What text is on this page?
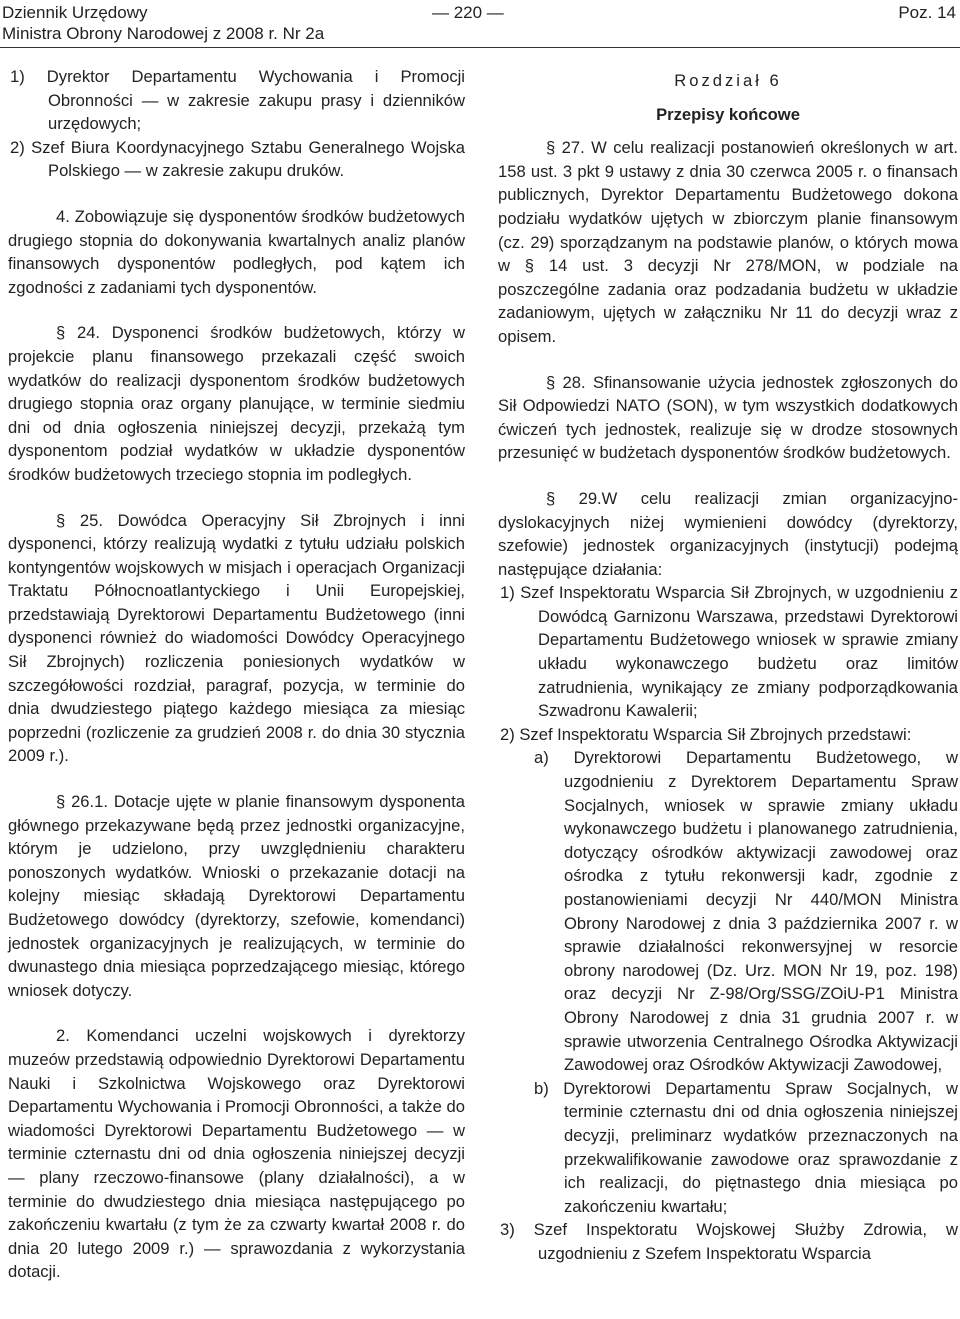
Dziennik Urzędowy
Ministra Obrony Narodowej z 2008 r. Nr 2a
— 220 —	Poz. 14

1) Dyrektor Departamentu Wychowania i Promocji Obronności — w zakresie zakupu prasy i dzienników urzędowych;

2) Szef Biura Koordynacyjnego Sztabu Generalnego Wojska Polskiego — w zakresie zakupu druków.

4. Zobowiązuje się dysponentów środków budżetowych drugiego stopnia do dokonywania kwartalnych analiz planów finansowych dysponentów podległych, pod kątem ich zgodności z zadaniami tych dysponentów.

§ 24. Dysponenci środków budżetowych, którzy w projekcie planu finansowego przekazali część swoich wydatków do realizacji dysponentom środków budżetowych drugiego stopnia oraz organy planujące, w terminie siedmiu dni od dnia ogłoszenia niniejszej decyzji, przekażą tym dysponentom podział wydatków w układzie dysponentów środków budżetowych trzeciego stopnia im podległych.

§ 25. Dowódca Operacyjny Sił Zbrojnych i inni dysponenci, którzy realizują wydatki z tytułu udziału polskich kontyngentów wojskowych w misjach i operacjach Organizacji Traktatu Północnoatlantyckiego i Unii Europejskiej, przedstawiają Dyrektorowi Departamentu Budżetowego (inni dysponenci również do wiadomości Dowódcy Operacyjnego Sił Zbrojnych) rozliczenia poniesionych wydatków w szczegółowości rozdział, paragraf, pozycja, w terminie do dnia dwudziestego piątego każdego miesiąca za miesiąc poprzedni (rozliczenie za grudzień 2008 r. do dnia 30 stycznia 2009 r.).

§ 26.1. Dotacje ujęte w planie finansowym dysponenta głównego przekazywane będą przez jednostki organizacyjne, którym je udzielono, przy uwzględnieniu charakteru ponoszonych wydatków. Wnioski o przekazanie dotacji na kolejny miesiąc składają Dyrektorowi Departamentu Budżetowego dowódcy (dyrektorzy, szefowie, komendanci) jednostek organizacyjnych je realizujących, w terminie do dwunastego dnia miesiąca poprzedzającego miesiąc, którego wniosek dotyczy.

2. Komendanci uczelni wojskowych i dyrektorzy muzeów przedstawią odpowiednio Dyrektorowi Departamentu Nauki i Szkolnictwa Wojskowego oraz Dyrektorowi Departamentu Wychowania i Promocji Obronności, a także do wiadomości Dyrektorowi Departamentu Budżetowego — w terminie czternastu dni od dnia ogłoszenia niniejszej decyzji — plany rzeczowo-finansowe (plany działalności), a w terminie do dwudziestego dnia miesiąca następującego po zakończeniu kwartału (z tym że za czwarty kwartał 2008 r. do dnia 20 lutego 2009 r.) — sprawozdania z wykorzystania dotacji.

Rozdział 6

Przepisy końcowe

§ 27. W celu realizacji postanowień określonych w art. 158 ust. 3 pkt 9 ustawy z dnia 30 czerwca 2005 r. o finansach publicznych, Dyrektor Departamentu Budżetowego dokona podziału wydatków ujętych w zbiorczym planie finansowym (cz. 29) sporządzanym na podstawie planów, o których mowa w § 14 ust. 3 decyzji Nr 278/MON, w podziale na poszczególne zadania oraz podzadania budżetu w układzie zadaniowym, ujętych w załączniku Nr 11 do decyzji wraz z opisem.

§ 28. Sfinansowanie użycia jednostek zgłoszonych do Sił Odpowiedzi NATO (SON), w tym wszystkich dodatkowych ćwiczeń tych jednostek, realizuje się w drodze stosownych przesunięć w budżetach dysponentów środków budżetowych.

§ 29.W celu realizacji zmian organizacyjno-dyslokacyjnych niżej wymienieni dowódcy (dyrektorzy, szefowie) jednostek organizacyjnych (instytucji) podejmą następujące działania:

1) Szef Inspektoratu Wsparcia Sił Zbrojnych, w uzgodnieniu z Dowódcą Garnizonu Warszawa, przedstawi Dyrektorowi Departamentu Budżetowego wniosek w sprawie zmiany układu wykonawczego budżetu oraz limitów zatrudnienia, wynikający ze zmiany podporządkowania Szwadronu Kawalerii;

2) Szef Inspektoratu Wsparcia Sił Zbrojnych przedstawi:

a) Dyrektorowi Departamentu Budżetowego, w uzgodnieniu z Dyrektorem Departamentu Spraw Socjalnych, wniosek w sprawie zmiany układu wykonawczego budżetu i planowanego zatrudnienia, dotyczący ośrodków aktywizacji zawodowej oraz ośrodka z tytułu rekonwersji kadr, zgodnie z postanowieniami decyzji Nr 440/MON Ministra Obrony Narodowej z dnia 3 października 2007 r. w sprawie działalności rekonwersyjnej w resorcie obrony narodowej (Dz. Urz. MON Nr 19, poz. 198) oraz decyzji Nr Z-98/Org/SSG/ZOiU-P1 Ministra Obrony Narodowej z dnia 31 grudnia 2007 r. w sprawie utworzenia Centralnego Ośrodka Aktywizacji Zawodowej oraz Ośrodków Aktywizacji Zawodowej,

b) Dyrektorowi Departamentu Spraw Socjalnych, w terminie czternastu dni od dnia ogłoszenia niniejszej decyzji, preliminarz wydatków przeznaczonych na przekwalifikowanie zawodowe oraz sprawozdanie z ich realizacji, do piętnastego dnia miesiąca po zakończeniu kwartału;

3) Szef Inspektoratu Wojskowej Służby Zdrowia, w uzgodnieniu z Szefem Inspektoratu Wsparcia
